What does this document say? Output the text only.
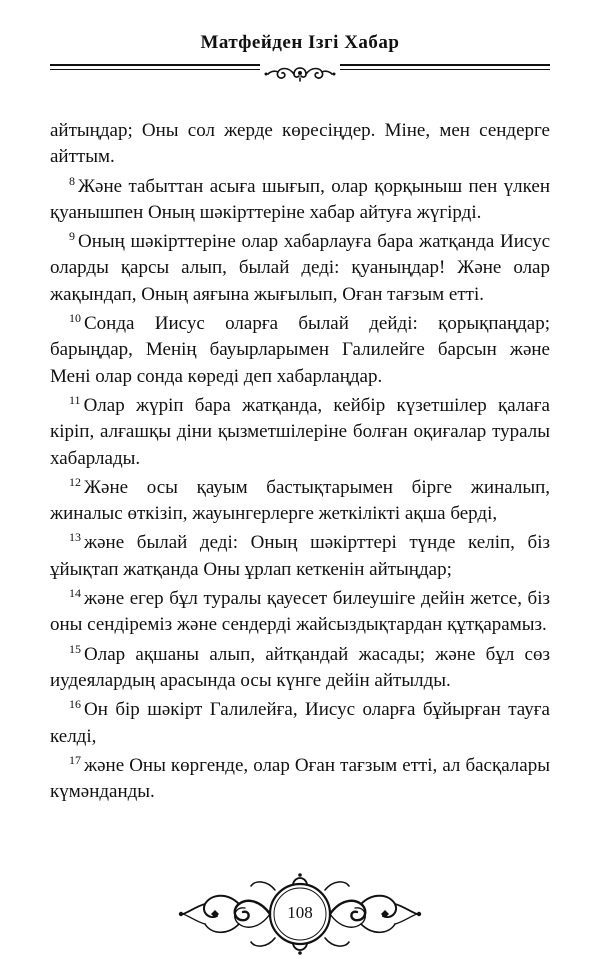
Матфейден Ізгі Хабар

айтыңдар; Оны сол жерде көресіңдер. Міне, мен сендерге айттым.

$^8$ Және табыттан асыға шығып, олар қорқыныш пен үлкен қуанышпен Оның шәкірттеріне хабар айтуға жүгірді.

$^9$ Оның шәкірттеріне олар хабарлауға бара жатқанда Иисус оларды қарсы алып, былай деді: қуаныңдар! Және олар жақындап, Оның аяғына жығылып, Оған тағзым етті.

$^{10}$ Сонда Иисус оларға былай дейді: қорықпаңдар; барыңдар, Менің бауырларымен Галилейге барсын және Мені олар сонда көреді деп хабарлаңдар.

$^{11}$ Олар жүріп бара жатқанда, кейбір күзетшілер қалаға кіріп, алғашқы діни қызметшілеріне болған оқиғалар туралы хабарлады.

$^{12}$ Және осы қауым бастықтарымен бірге жиналып, жиналыс өткізіп, жауынгерлерге жеткілікті ақша берді,

$^{13}$ және былай деді: Оның шәкірттері түнде келіп, біз ұйықтап жатқанда Оны ұрлап кеткенін айтыңдар;

$^{14}$ және егер бұл туралы қауесет билеушіге дейін жетсе, біз оны сендіреміз және сендерді жайсыздықтардан құтқарамыз.

$^{15}$ Олар ақшаны алып, айтқандай жасады; және бұл сөз иудеялардың арасында осы күнге дейін айтылды.

$^{16}$ Он бір шәкірт Галилейға, Иисус оларға бұйырған тауға келді,

$^{17}$ және Оны көргенде, олар Оған тағзым етті, ал басқалары күмәнданды.

108
